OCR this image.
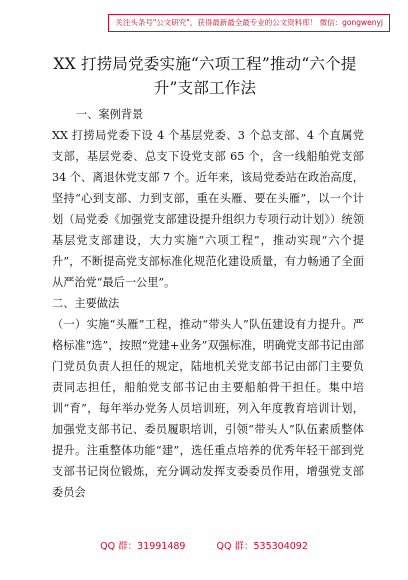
关注头条号"公文研究"，获得最新最全最专业的公文资料库！ 微信：gongwenyj
XX 打捞局党委实施“六项工程”推动“六个提升”支部工作法

一、案例背景

XX 打捞局党委下设 4 个基层党委、3 个总支部、4 个直属党支部，基层党委、总支下设党支部 65 个，含一线船舶党支部 34 个、离退休党支部 7 个。近年来，该局党委站在政治高度，坚持“心到支部、力到支部，重在头雁、要在头雁”，以一个计划（局党委《加强党支部建设提升组织力专项行动计划》）统领基层党支部建设，大力实施“六项工程”，推动实现“六个提升”，不断提高党支部标准化规范化建设质量，有力畅通了全面从严治党“最后一公里”。

二、主要做法

（一）实施“头雁”工程，推动“带头人”队伍建设有力提升。严格标准“选”，按照“党建+业务”双强标准，明确党支部书记由部门党员负责人担任的规定，陆地机关党支部书记由部门主要负责同志担任，船舶党支部书记由主要船舶骨干担任。集中培训“育”，每年举办党务人员培训班，列入年度教育培训计划，加强党支部书记、委员履职培训，引领“带头人”队伍素质整体提升。注重整体功能“建”，选任重点培养的优秀年轻干部到党支部书记岗位锻炼，充分调动发挥支委委员作用，增强党支部委员会

QQ 群：31991489	QQ 群：535304092
